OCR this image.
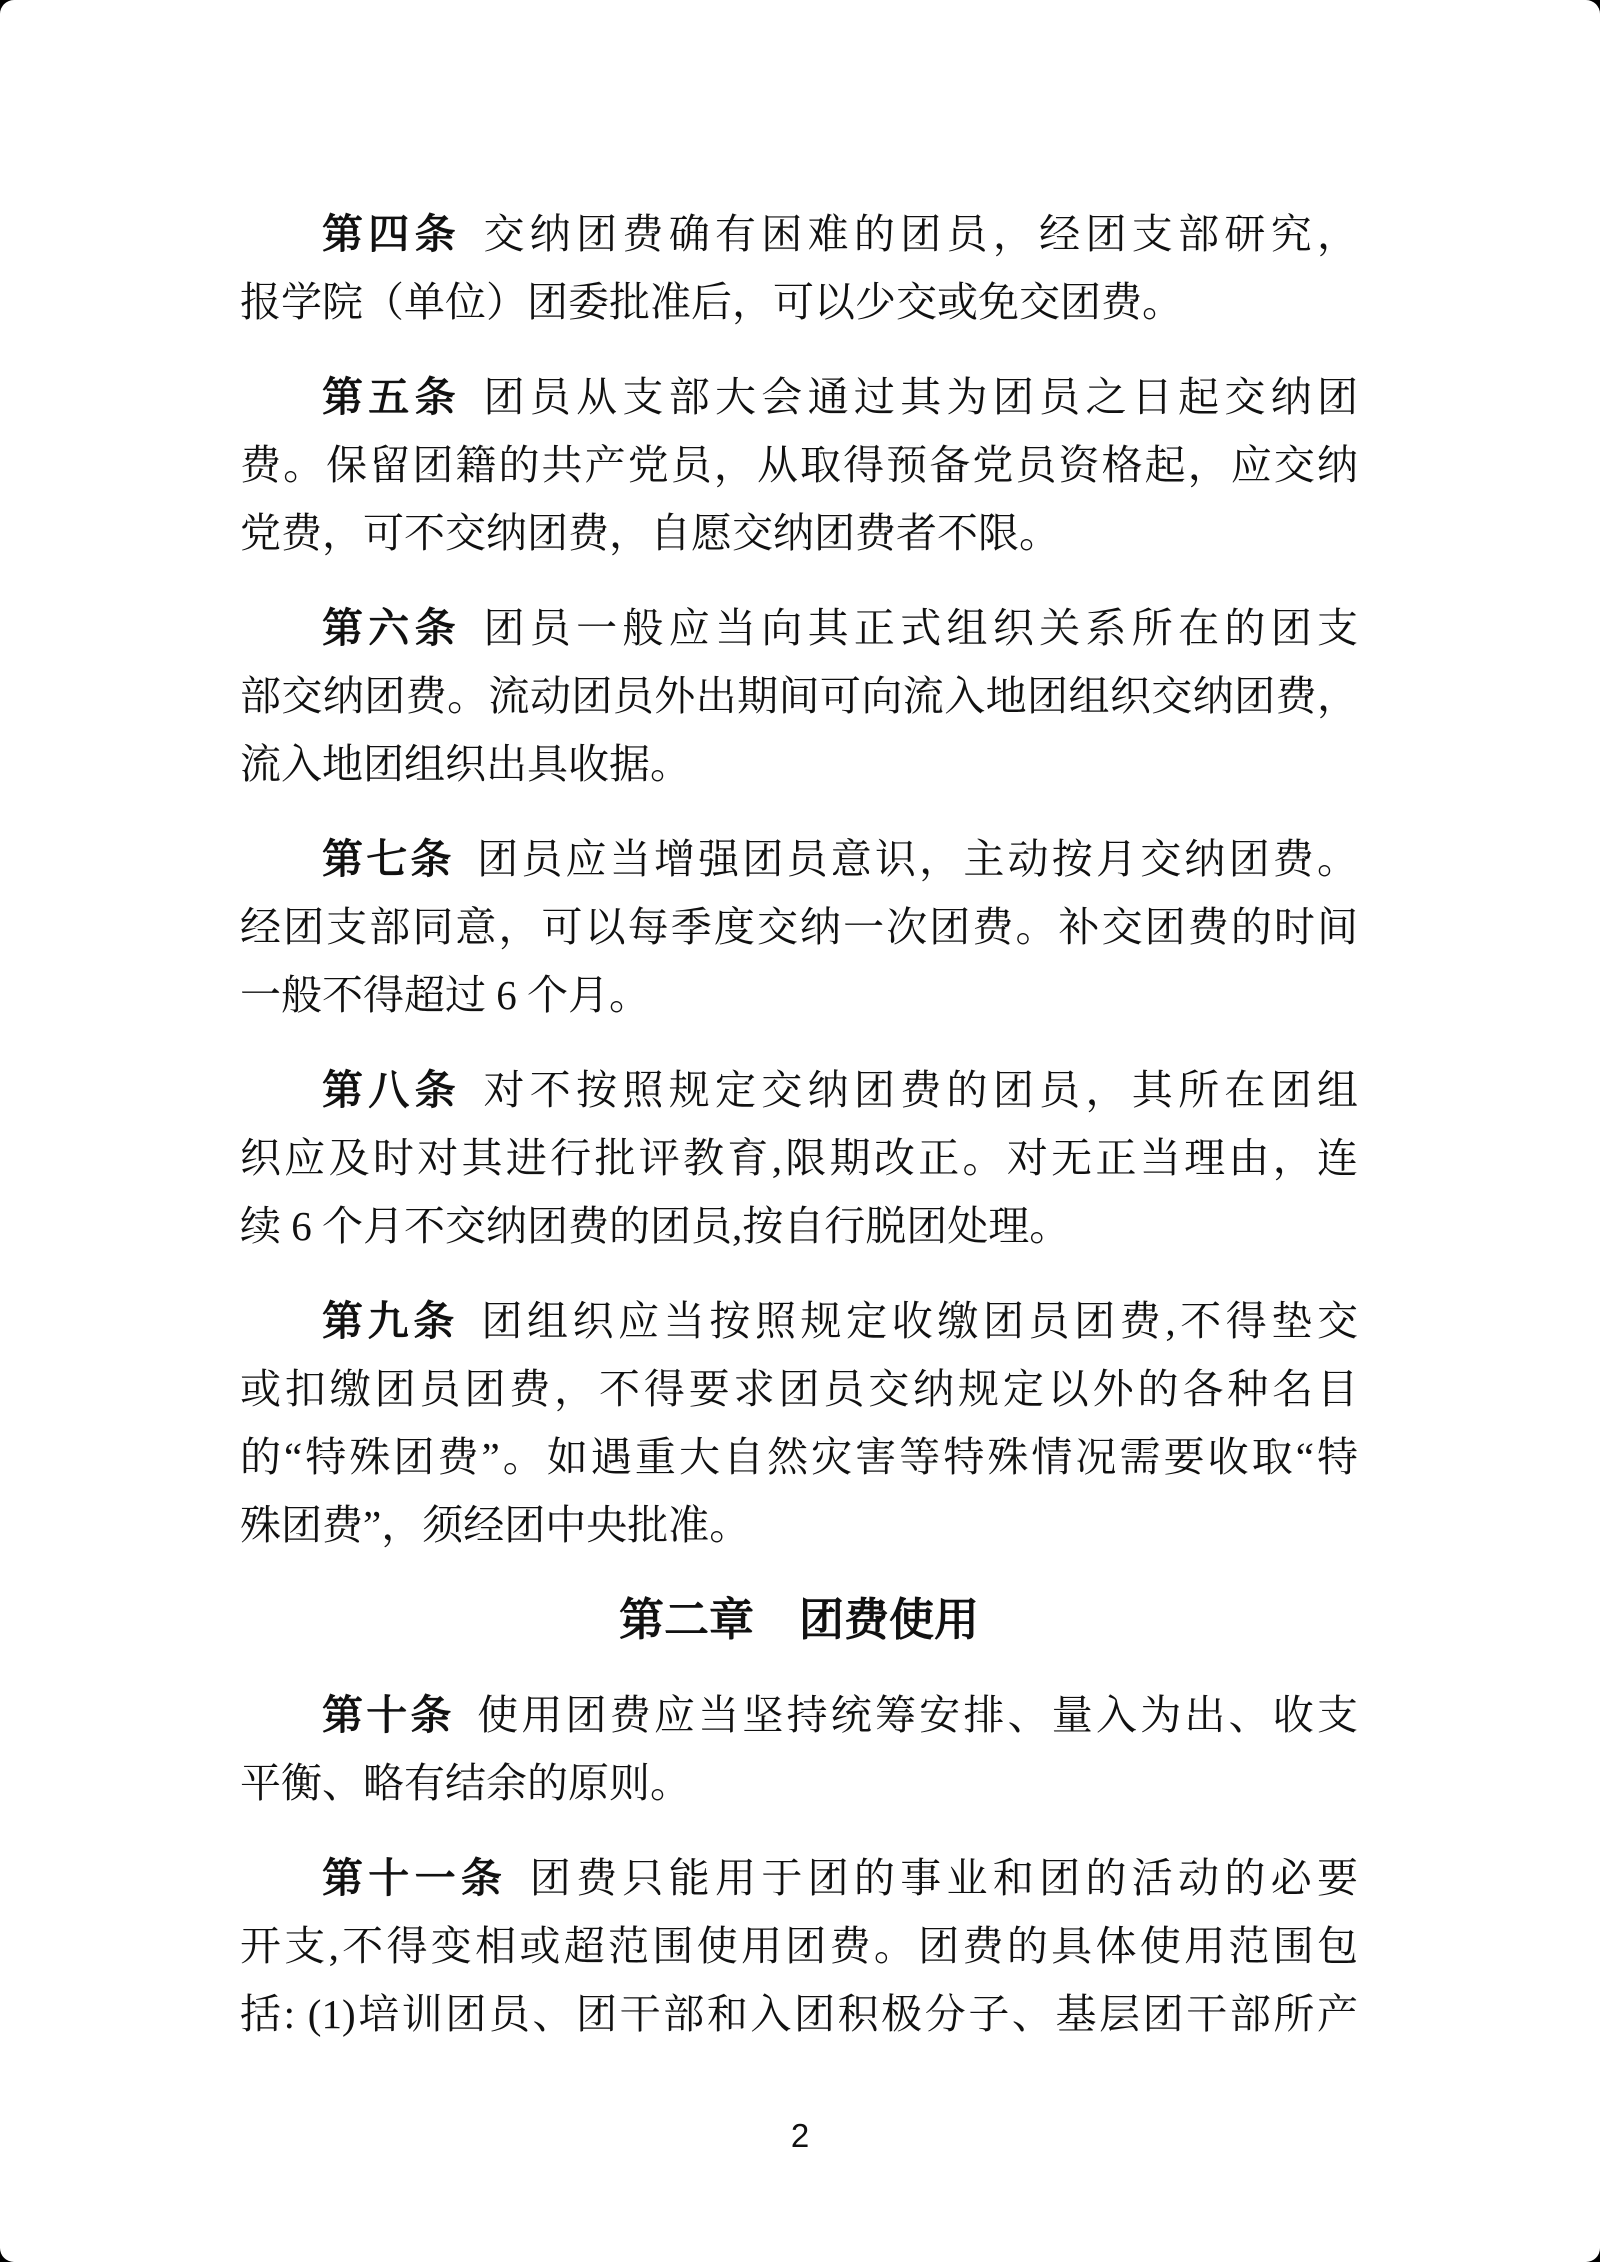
第四条 交纳团费确有困难的团员，经团支部研究，
报学院（单位）团委批准后，可以少交或免交团费。

第五条 团员从支部大会通过其为团员之日起交纳团
费。保留团籍的共产党员，从取得预备党员资格起，应交纳
党费，可不交纳团费，自愿交纳团费者不限。

第六条 团员一般应当向其正式组织关系所在的团支
部交纳团费。流动团员外出期间可向流入地团组织交纳团费，
流入地团组织出具收据。

第七条 团员应当增强团员意识，主动按月交纳团费。
经团支部同意，可以每季度交纳一次团费。补交团费的时间
一般不得超过 6 个月。

第八条 对不按照规定交纳团费的团员，其所在团组
织应及时对其进行批评教育,限期改正。对无正当理由，连
续 6 个月不交纳团费的团员,按自行脱团处理。

第九条 团组织应当按照规定收缴团员团费,不得垫交
或扣缴团员团费，不得要求团员交纳规定以外的各种名目
的“特殊团费”。如遇重大自然灾害等特殊情况需要收取“特
殊团费”，须经团中央批准。

第二章　团费使用

第十条 使用团费应当坚持统筹安排、量入为出、收支
平衡、略有结余的原则。

第十一条 团费只能用于团的事业和团的活动的必要
开支,不得变相或超范围使用团费。团费的具体使用范围包
括: (1)培训团员、团干部和入团积极分子、基层团干部所产

2
